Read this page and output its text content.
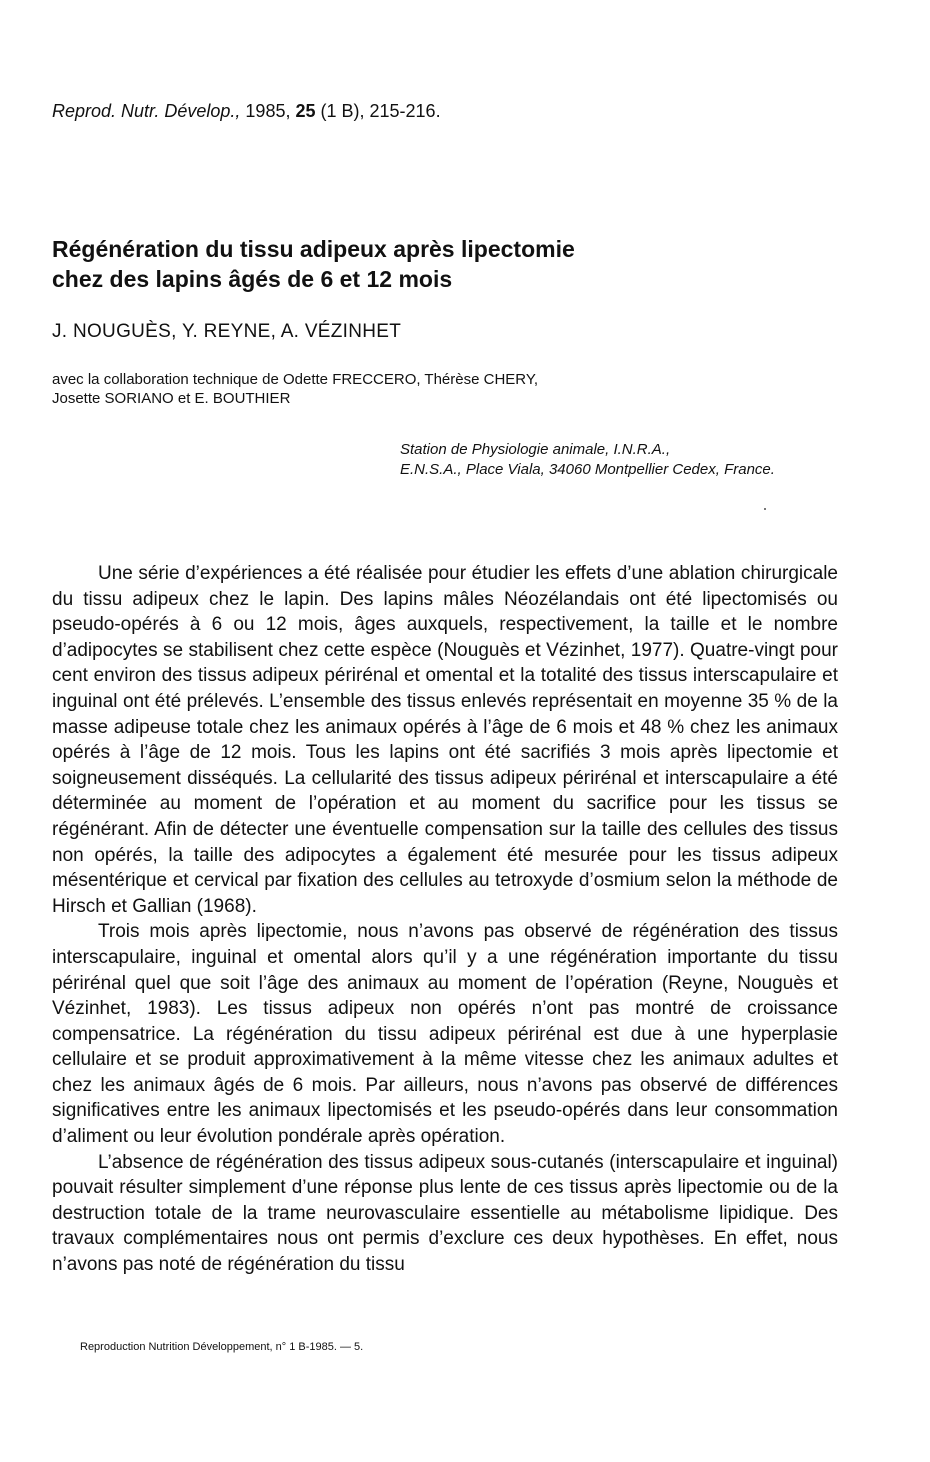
Reprod. Nutr. Dévelop., 1985, 25 (1 B), 215-216.
Régénération du tissu adipeux après lipectomie
chez des lapins âgés de 6 et 12 mois
J. NOUGUÈS, Y. REYNE, A. VÉZINHET
avec la collaboration technique de Odette FRECCERO, Thérèse CHERY,
Josette SORIANO et E. BOUTHIER
Station de Physiologie animale, I.N.R.A.,
E.N.S.A., Place Viala, 34060 Montpellier Cedex, France.

Une série d’expériences a été réalisée pour étudier les effets d’une ablation chirurgicale du tissu adipeux chez le lapin. Des lapins mâles Néozélandais ont été lipectomisés ou pseudo-opérés à 6 ou 12 mois, âges auxquels, respectivement, la taille et le nombre d’adipocytes se stabilisent chez cette espèce (Nouguès et Vézinhet, 1977). Quatre-vingt pour cent environ des tissus adipeux périrénal et omental et la totalité des tissus interscapulaire et inguinal ont été prélevés. L’ensemble des tissus enlevés représentait en moyenne 35 % de la masse adipeuse totale chez les animaux opérés à l’âge de 6 mois et 48 % chez les animaux opérés à l’âge de 12 mois. Tous les lapins ont été sacrifiés 3 mois après lipectomie et soigneusement disséqués. La cellularité des tissus adipeux périrénal et interscapulaire a été déterminée au moment de l’opération et au moment du sacrifice pour les tissus se régénérant. Afin de détecter une éventuelle compensation sur la taille des cellules des tissus non opérés, la taille des adipocytes a également été mesurée pour les tissus adipeux mésentérique et cervical par fixation des cellules au tetroxyde d’osmium selon la méthode de Hirsch et Gallian (1968).

Trois mois après lipectomie, nous n’avons pas observé de régénération des tissus interscapulaire, inguinal et omental alors qu’il y a une régénération importante du tissu périrénal quel que soit l’âge des animaux au moment de l’opération (Reyne, Nouguès et Vézinhet, 1983). Les tissus adipeux non opérés n’ont pas montré de croissance compensatrice. La régénération du tissu adipeux périrénal est due à une hyperplasie cellulaire et se produit approximativement à la même vitesse chez les animaux adultes et chez les animaux âgés de 6 mois. Par ailleurs, nous n’avons pas observé de différences significatives entre les animaux lipectomisés et les pseudo-opérés dans leur consommation d’aliment ou leur évolution pondérale après opération.

L’absence de régénération des tissus adipeux sous-cutanés (interscapulaire et inguinal) pouvait résulter simplement d’une réponse plus lente de ces tissus après lipectomie ou de la destruction totale de la trame neurovasculaire essentielle au métabolisme lipidique. Des travaux complémentaires nous ont permis d’exclure ces deux hypothèses. En effet, nous n’avons pas noté de régénération du tissu

Reproduction Nutrition Développement, n° 1 B-1985. — 5.
